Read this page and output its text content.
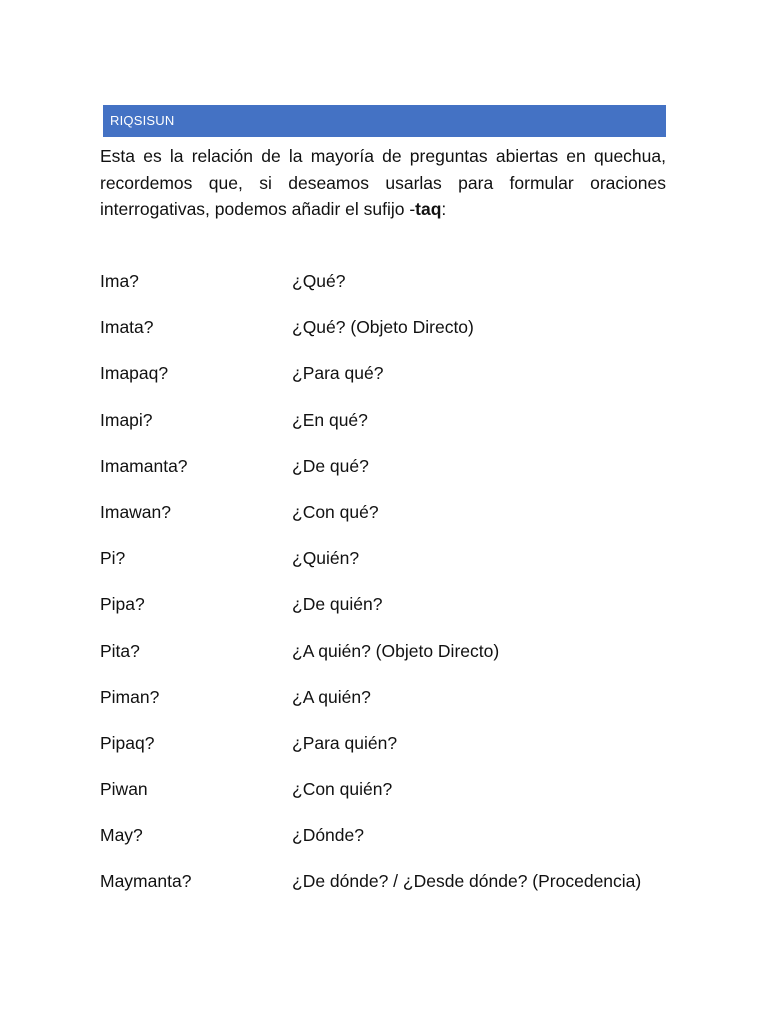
RIQSISUN

Esta es la relación de la mayoría de preguntas abiertas en quechua, recordemos que, si deseamos usarlas para formular oraciones interrogativas, podemos añadir el sufijo -taq:

Ima?	¿Qué?
Imata?	¿Qué? (Objeto Directo)
Imapaq?	¿Para qué?
Imapi?	¿En qué?
Imamanta?	¿De qué?
Imawan?	¿Con qué?
Pi?	¿Quién?
Pipa?	¿De quién?
Pita?	¿A quién? (Objeto Directo)
Piman?	¿A quién?
Pipaq?	¿Para quién?
Piwan	¿Con quién?
May?	¿Dónde?
Maymanta?	¿De dónde? / ¿Desde dónde? (Procedencia)
